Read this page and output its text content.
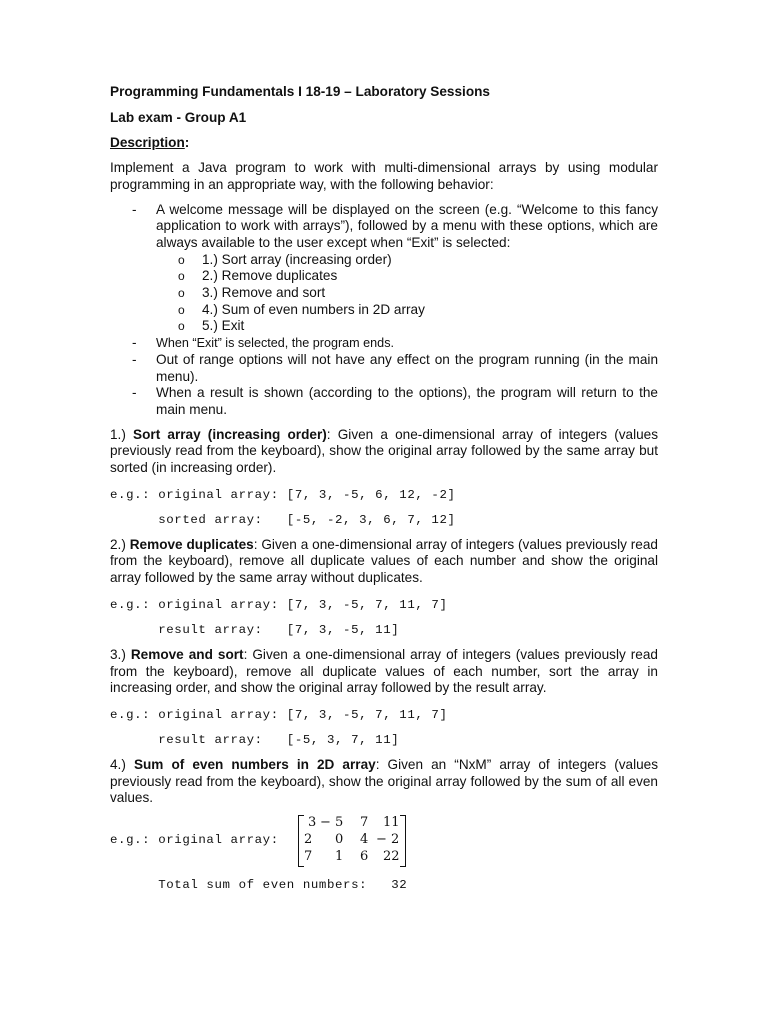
Programming Fundamentals I 18-19 – Laboratory Sessions

Lab exam - Group A1

Description:

Implement a Java program to work with multi-dimensional arrays by using modular programming in an appropriate way, with the following behavior:

-	A welcome message will be displayed on the screen (e.g. “Welcome to this fancy application to work with arrays”), followed by a menu with these options, which are always available to the user except when “Exit” is selected:

o	1.) Sort array (increasing order)
o	2.) Remove duplicates
o	3.) Remove and sort
o	4.) Sum of even numbers in 2D array
o	5.) Exit
-	When “Exit” is selected, the program ends.

-	Out of range options will not have any effect on the program running (in the main menu).

-	When a result is shown (according to the options), the program will return to the main menu.

1.) Sort array (increasing order): Given a one-dimensional array of integers (values previously read from the keyboard), show the original array followed by the same array but sorted (in increasing order).

e.g.: original array: [7, 3, -5, 6, 12, -2]
sorted array:   [-5, -2, 3, 6, 7, 12]

2.) Remove duplicates: Given a one-dimensional array of integers (values previously read from the keyboard), remove all duplicate values of each number and show the original array followed by the same array without duplicates.

e.g.: original array: [7, 3, -5, 7, 11, 7]
result array:   [7, 3, -5, 11]

3.) Remove and sort: Given a one-dimensional array of integers (values previously read from the keyboard), remove all duplicate values of each number, sort the array in increasing order, and show the original array followed by the result array.

e.g.: original array: [7, 3, -5, 7, 11, 7]
result array:   [-5, 3, 7, 11]

4.) Sum of even numbers in 2D array: Given an “NxM” array of integers (values previously read from the keyboard), show the original array followed by the sum of all even values.

e.g.: original array:
3 − 5 7 11
2 0 4 − 2
7 1 6 22
Total sum of even numbers:   32
